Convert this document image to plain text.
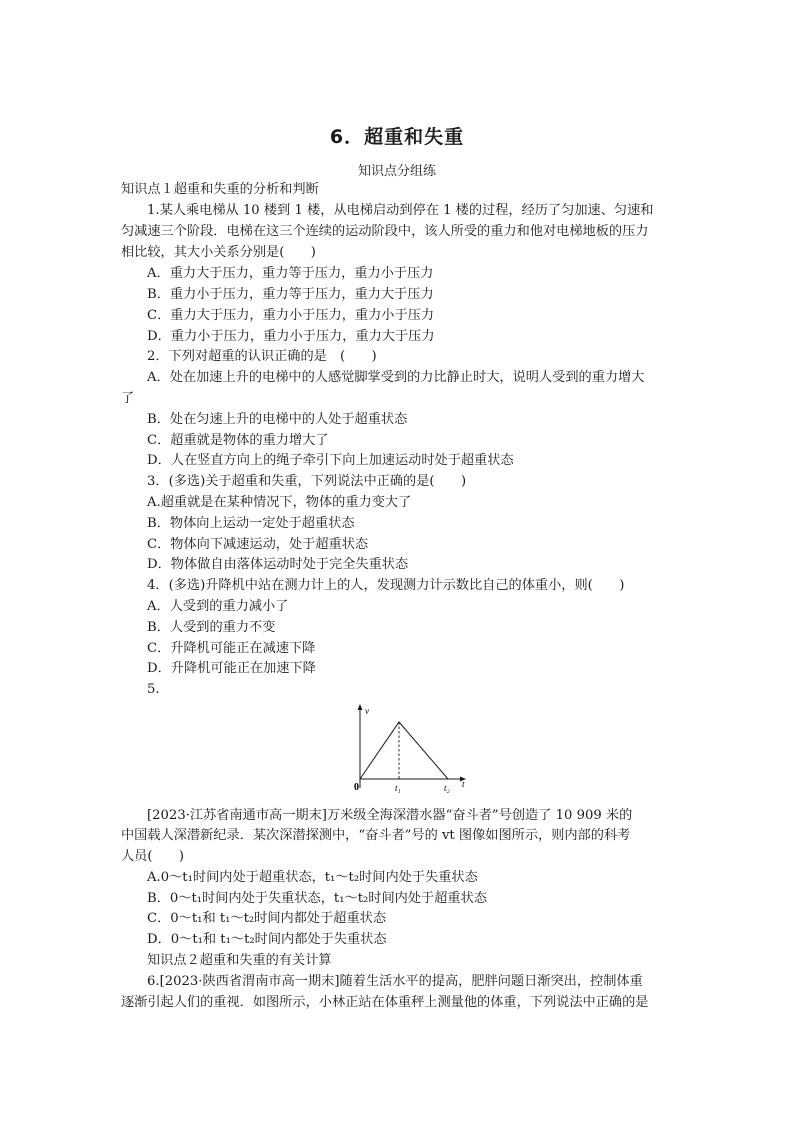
6．超重和失重
知识点分组练
知识点１超重和失重的分析和判断
1.某人乘电梯从 10 楼到 1 楼，从电梯启动到停在 1 楼的过程，经历了匀加速、匀速和
匀减速三个阶段．电梯在这三个连续的运动阶段中，该人所受的重力和他对电梯地板的压力
相比较，其大小关系分别是(　　)
A．重力大于压力，重力等于压力，重力小于压力
B．重力小于压力，重力等于压力，重力大于压力
C．重力大于压力，重力小于压力，重力小于压力
D．重力小于压力，重力小于压力，重力大于压力
2．下列对超重的认识正确的是　(　　)
A．处在加速上升的电梯中的人感觉脚掌受到的力比静止时大，说明人受到的重力增大
了
B．处在匀速上升的电梯中的人处于超重状态
C．超重就是物体的重力增大了
D．人在竖直方向上的绳子牵引下向上加速运动时处于超重状态
3．(多选)关于超重和失重，下列说法中正确的是(　　)
A.超重就是在某种情况下，物体的重力变大了
B．物体向上运动一定处于超重状态
C．物体向下减速运动，处于超重状态
D．物体做自由落体运动时处于完全失重状态
4．(多选)升降机中站在测力计上的人，发现测力计示数比自己的体重小，则(　　)
A．人受到的重力减小了
B．人受到的重力不变
C．升降机可能正在减速下降
D．升降机可能正在加速下降
5.
v
t
0	t₁	t₂
[2023·江苏省南通市高一期末]万米级全海深潜水器“奋斗者”号创造了 10 909 米的
中国载人深潜新纪录．某次深潜探测中，“奋斗者”号的 vt 图像如图所示，则内部的科考
人员(　　)
A.0～t₁时间内处于超重状态，t₁～t₂时间内处于失重状态
B．0～t₁时间内处于失重状态，t₁～t₂时间内处于超重状态
C．0～t₁和 t₁～t₂时间内都处于超重状态
D．0～t₁和 t₁～t₂时间内都处于失重状态
知识点２超重和失重的有关计算
6.[2023·陕西省渭南市高一期末]随着生活水平的提高，肥胖问题日渐突出，控制体重
逐渐引起人们的重视．如图所示，小林正站在体重秤上测量他的体重，下列说法中正确的是
